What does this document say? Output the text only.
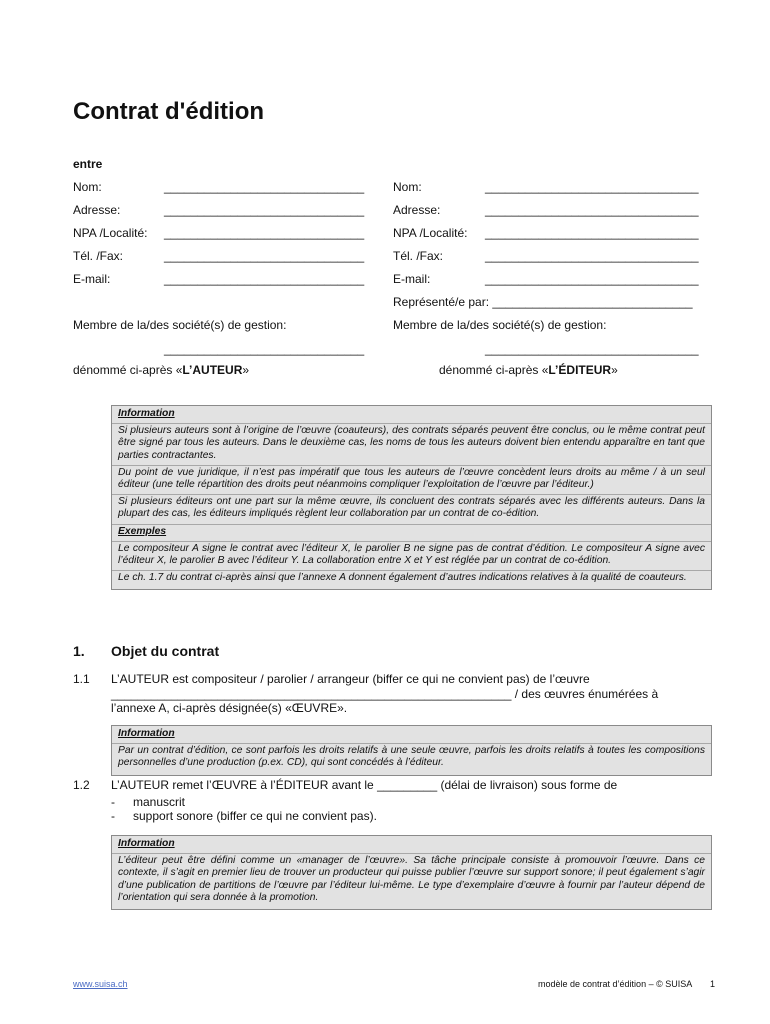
Contrat d'édition
entre
Nom:	______________________________
Adresse:	______________________________
NPA /Localité: ______________________________
Tél. /Fax:	______________________________
E-mail:	______________________________
Membre de la/des société(s) de gestion:
______________________________
dénommé ci-après «L’AUTEUR»
Nom:	________________________________
Adresse:	________________________________
NPA /Localité: ________________________________
Tél. /Fax:	________________________________
E-mail:	________________________________
Représenté/e par: ______________________________
Membre de la/des société(s) de gestion:
________________________________
dénommé ci-après «L’ÉDITEUR»

Information

Si plusieurs auteurs sont à l’origine de l’œuvre (coauteurs), des contrats séparés peuvent être conclus, ou le même contrat peut être signé par tous les auteurs. Dans le deuxième cas, les noms de tous les auteurs doivent bien entendu apparaître en tant que parties contractantes.

Du point de vue juridique, il n’est pas impératif que tous les auteurs de l’œuvre concèdent leurs droits au même / à un seul éditeur (une telle répartition des droits peut néanmoins compliquer l’exploitation de l’œuvre par l’éditeur.)

Si plusieurs éditeurs ont une part sur la même œuvre, ils concluent des contrats séparés avec les différents auteurs. Dans la plupart des cas, les éditeurs impliqués règlent leur collaboration par un contrat de co-édition.

Exemples

Le compositeur A signe le contrat avec l’éditeur X, le parolier B ne signe pas de contrat d’édition. Le compositeur A signe avec l’éditeur X, le parolier B avec l’éditeur Y. La collaboration entre X et Y est réglée par un contrat de co-édition.

Le ch. 1.7 du contrat ci-après ainsi que l’annexe A donnent également d’autres indications relatives à la qualité de coauteurs.

1. Objet du contrat
1.1 L’AUTEUR est compositeur / parolier / arrangeur (biffer ce qui ne convient pas) de l’œuvre
____________________________________________________________ / des œuvres énumérées à
l’annexe A, ci-après désignée(s) «ŒUVRE».

Information

Par un contrat d’édition, ce sont parfois les droits relatifs à une seule œuvre, parfois les droits relatifs à toutes les compositions personnelles d’une production (p.ex. CD), qui sont concédés à l’éditeur.

1.2 L’AUTEUR remet l’ŒUVRE à l’ÉDITEUR avant le _________ (délai de livraison) sous forme de
- manuscrit
- support sonore (biffer ce qui ne convient pas).

Information

L’éditeur peut être défini comme un «manager de l’œuvre». Sa tâche principale consiste à promouvoir l’œuvre. Dans ce contexte, il s’agit en premier lieu de trouver un producteur qui puisse publier l’œuvre sur support sonore; il peut également s’agir d’une publication de partitions de l’œuvre par l’éditeur lui-même. Le type d’exemplaire d’œuvre à fournir par l’auteur dépend de l’orientation qui sera donnée à la promotion.

www.suisa.ch	modèle de contrat d’édition – © SUISA 1
